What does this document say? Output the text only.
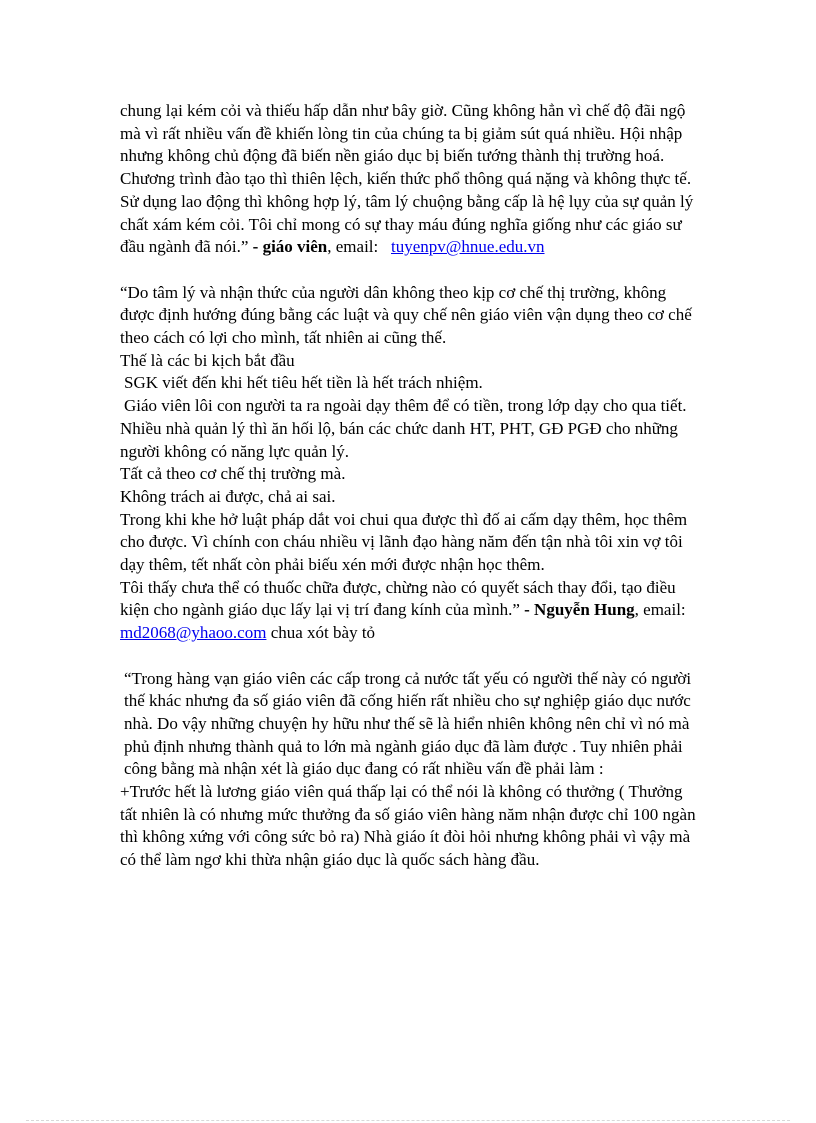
chung lại kém cỏi và thiếu hấp dẫn như bây giờ. Cũng không hẳn vì chế độ đãi ngộ mà vì rất nhiều vấn đề khiến lòng tin của chúng ta bị giảm sút quá nhiều. Hội nhập nhưng không chủ động đã biến nền giáo dục bị biến tướng thành thị trường hoá. Chương trình đào tạo thì thiên lệch, kiến thức phổ thông quá nặng và không thực tế. Sử dụng lao động thì không hợp lý, tâm lý chuộng bằng cấp là hệ lụy của sự quản lý chất xám kém cỏi. Tôi chỉ mong có sự thay máu đúng nghĩa giống như các giáo sư đầu ngành đã nói.” - giáo viên, email: tuyenpv@hnue.edu.vn

“Do tâm lý và nhận thức của người dân không theo kịp cơ chế thị trường, không được định hướng đúng bằng các luật và quy chế nên giáo viên vận dụng theo cơ chế theo cách có lợi cho mình, tất nhiên ai cũng thế.

Thế là các bi kịch bắt đầu

SGK viết đến khi hết tiêu hết tiền là hết trách nhiệm.

Giáo viên lôi con người ta ra ngoài dạy thêm để có tiền, trong lớp dạy cho qua tiết.

Nhiều nhà quản lý thì ăn hối lộ, bán các chức danh HT, PHT, GĐ PGĐ cho những người không có năng lực quản lý.

Tất cả theo cơ chế thị trường mà.

Không trách ai được, chả ai sai.

Trong khi khe hở luật pháp dắt voi chui qua được thì đố ai cấm dạy thêm, học thêm cho được. Vì chính con cháu nhiều vị lãnh đạo hàng năm đến tận nhà tôi xin vợ tôi dạy thêm, tết nhất còn phải biếu xén mới được nhận học thêm.

Tôi thấy chưa thể có thuốc chữa được, chừng nào có quyết sách thay đổi, tạo điều kiện cho ngành giáo dục lấy lại vị trí đang kính của mình.” - Nguyễn Hung, email:   md2068@yhaoo.com chua xót bày tỏ

“Trong hàng vạn giáo viên các cấp trong cả nước tất yếu có người thế này có người thế khác nhưng đa số giáo viên đã cống hiến rất nhiều cho sự nghiệp giáo dục nước nhà. Do vậy những chuyện hy hữu như thế sẽ là hiển nhiên không nên chỉ vì nó mà phủ định nhưng thành quả to lớn mà ngành giáo dục đã làm được . Tuy nhiên phải công bằng mà nhận xét là giáo dục đang có rất nhiều vấn đề phải làm :

+Trước hết là lương giáo viên quá thấp lại có thể nói là không có thưởng ( Thưởng tất nhiên là có nhưng mức thưởng đa số giáo viên hàng năm nhận được chỉ 100 ngàn thì không xứng với công sức bỏ ra) Nhà giáo ít đòi hỏi nhưng không phải vì vậy mà có thể làm ngơ khi thừa nhận giáo dục là quốc sách hàng đầu.
